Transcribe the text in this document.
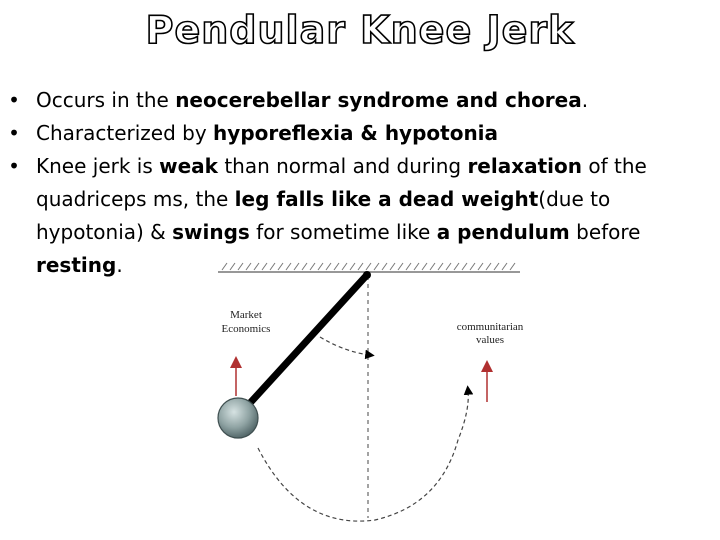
Pendular Knee Jerk
• Occurs in the neocerebellar syndrome and chorea.
• Characterized by hyporeflexia & hypotonia
• Knee jerk is weak than normal and during relaxation of the quadriceps ms, the leg falls like a dead weight(due to hypotonia) & swings for sometime like a pendulum before resting.
Market
Economics	communitarian
values
